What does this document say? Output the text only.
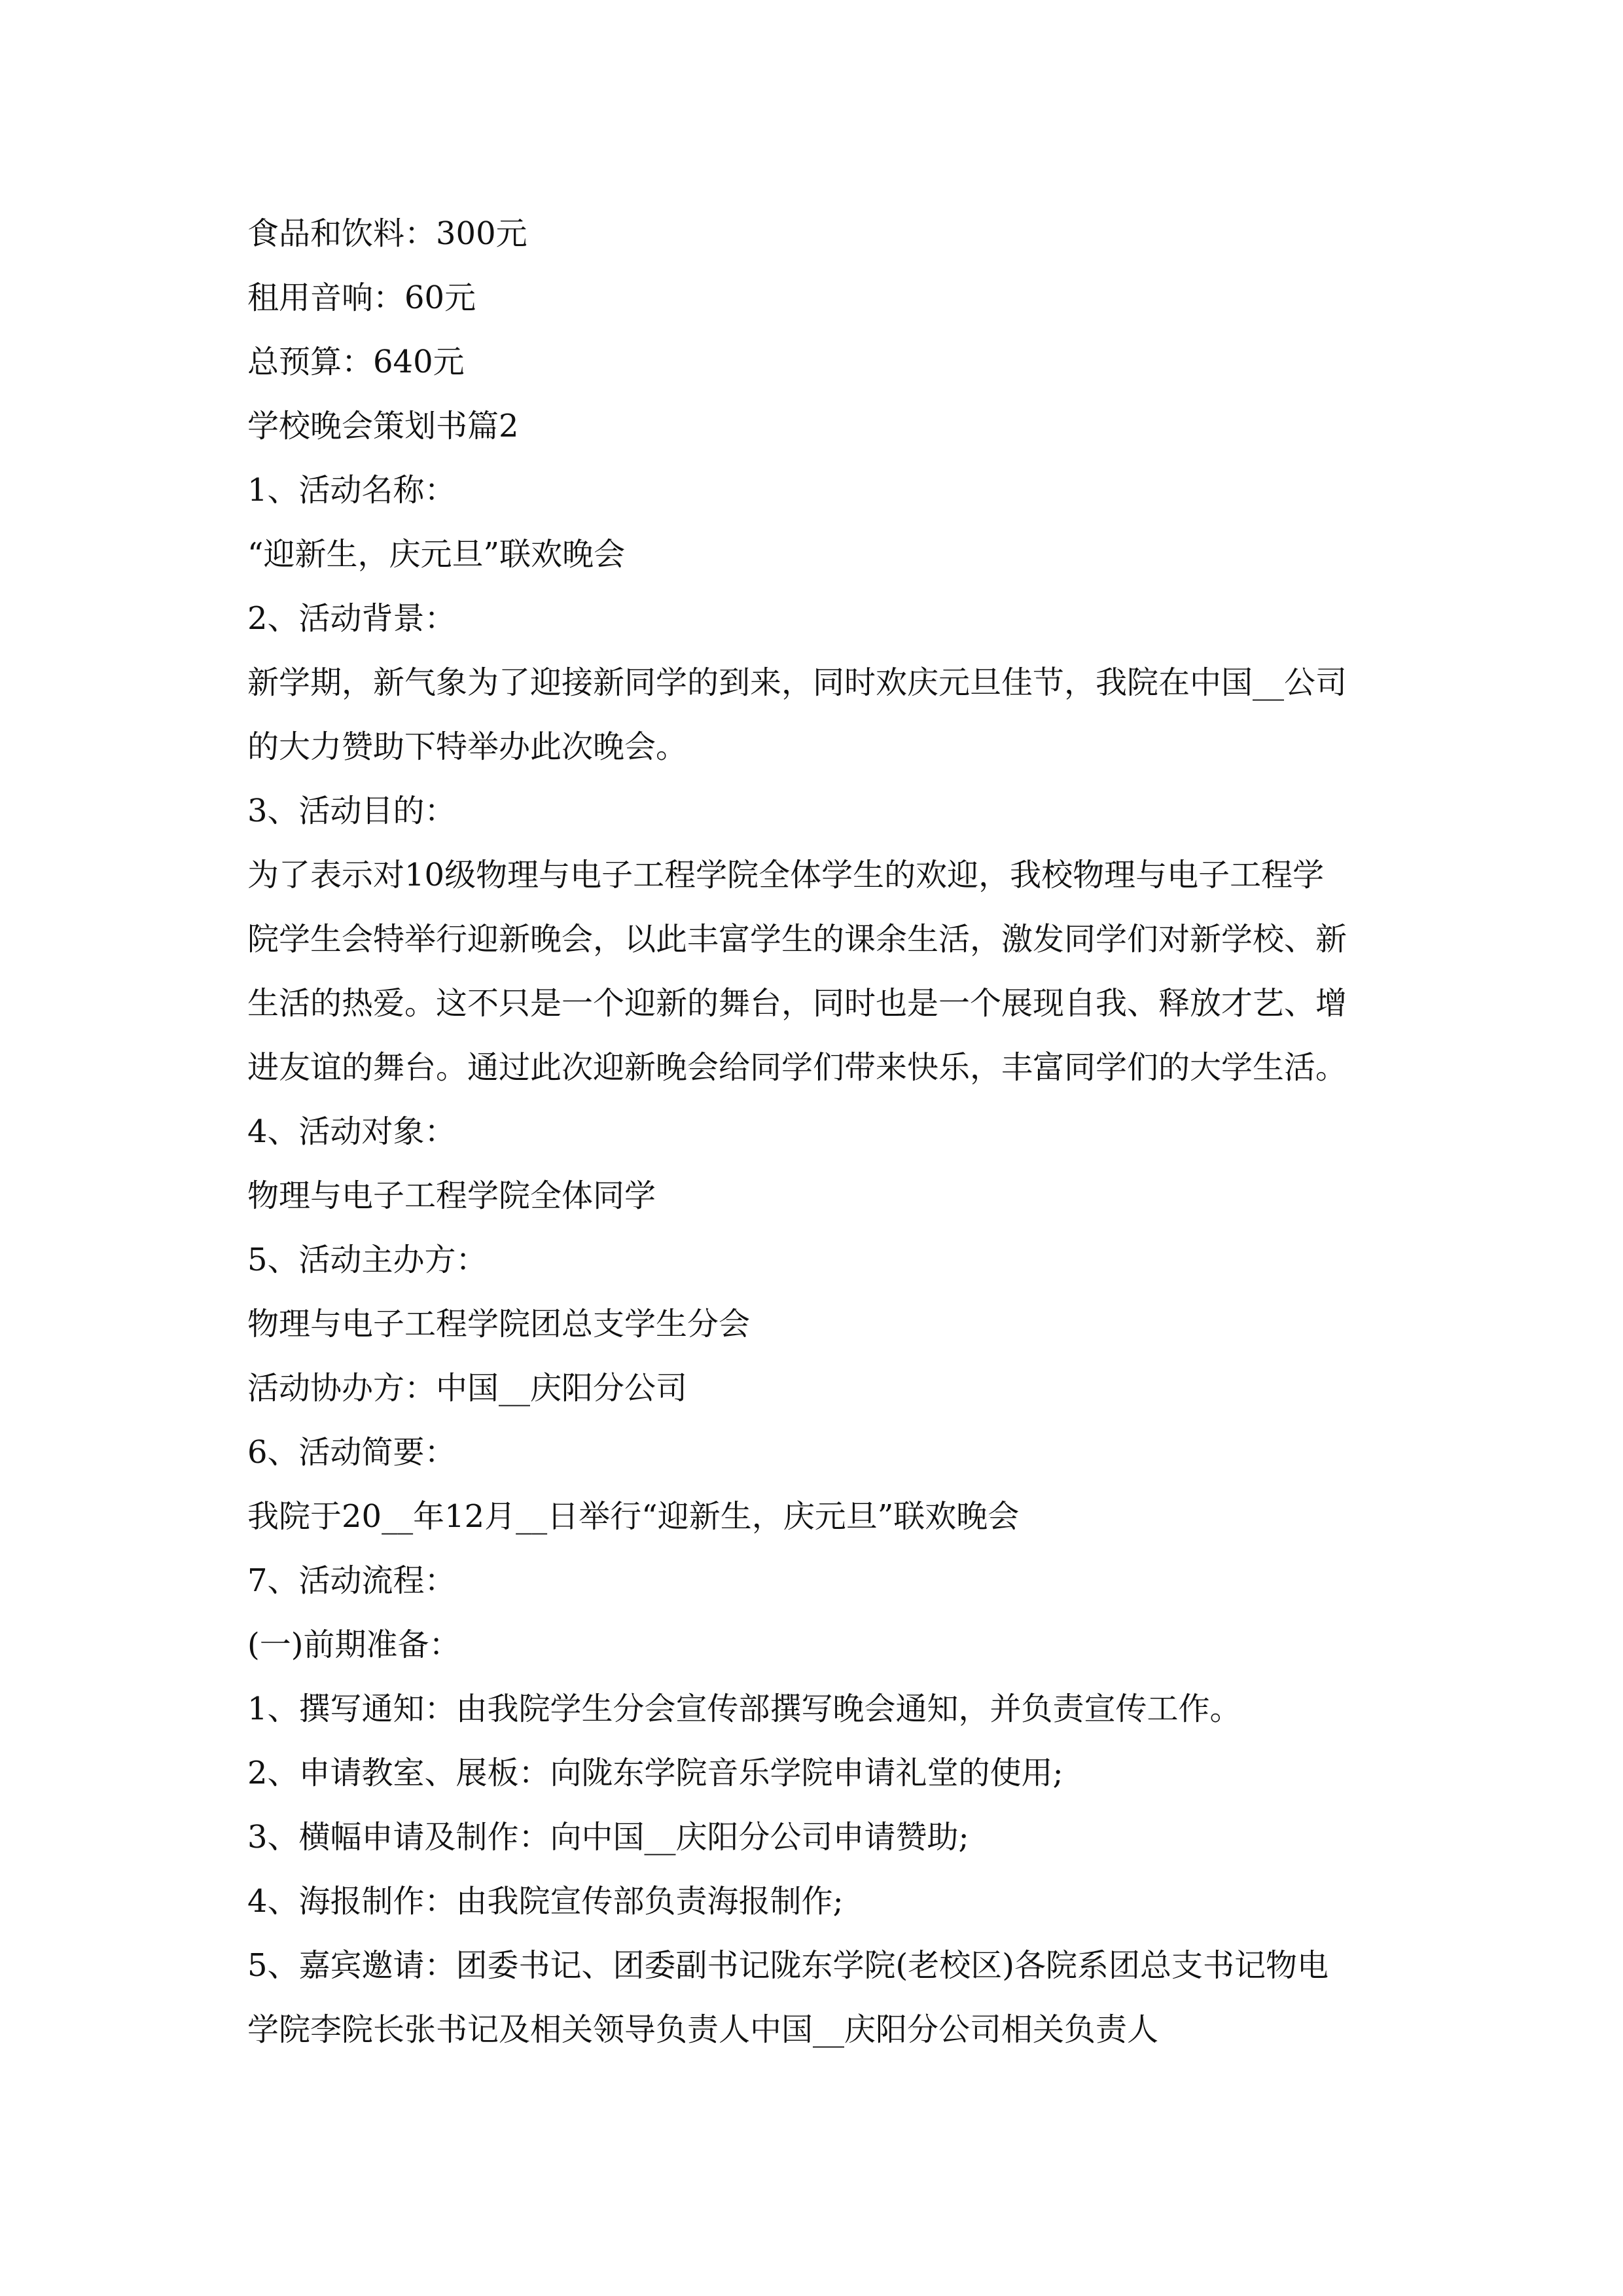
食品和饮料：300元

租用音响：60元

总预算：640元

学校晚会策划书篇2

1、活动名称：

“迎新生，庆元旦”联欢晚会

2、活动背景：

新学期，新气象为了迎接新同学的到来，同时欢庆元旦佳节，我院在中国__公司

的大力赞助下特举办此次晚会。

3、活动目的：

为了表示对10级物理与电子工程学院全体学生的欢迎，我校物理与电子工程学

院学生会特举行迎新晚会，以此丰富学生的课余生活，激发同学们对新学校、新

生活的热爱。这不只是一个迎新的舞台，同时也是一个展现自我、释放才艺、增

进友谊的舞台。通过此次迎新晚会给同学们带来快乐，丰富同学们的大学生活。

4、活动对象：

物理与电子工程学院全体同学

5、活动主办方：

物理与电子工程学院团总支学生分会

活动协办方：中国__庆阳分公司

6、活动简要：

我院于20__年12月__日举行“迎新生，庆元旦”联欢晚会

7、活动流程：

(一)前期准备：

1、撰写通知：由我院学生分会宣传部撰写晚会通知，并负责宣传工作。

2、申请教室、展板：向陇东学院音乐学院申请礼堂的使用;

3、横幅申请及制作：向中国__庆阳分公司申请赞助;

4、海报制作：由我院宣传部负责海报制作;

5、嘉宾邀请：团委书记、团委副书记陇东学院(老校区)各院系团总支书记物电

学院李院长张书记及相关领导负责人中国__庆阳分公司相关负责人
